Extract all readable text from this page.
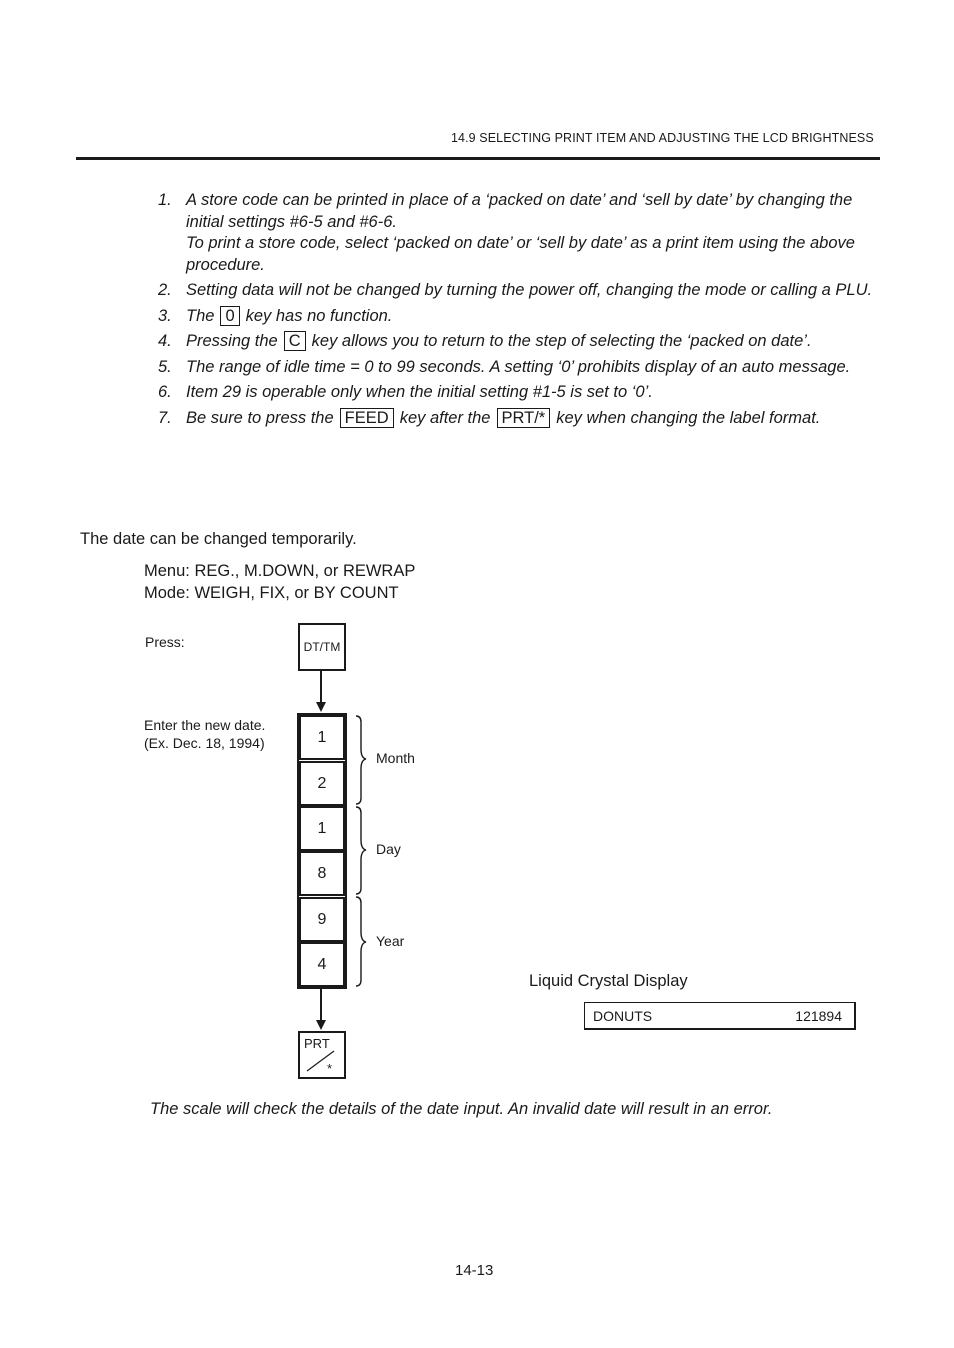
14.9 SELECTING PRINT ITEM AND ADJUSTING THE LCD BRIGHTNESS
1. A store code can be printed in place of a ‘packed on date’ and ‘sell by date’ by changing the initial settings #6-5 and #6-6.
To print a store code, select ‘packed on date’ or ‘sell by date’ as a print item using the above procedure.
2. Setting data will not be changed by turning the power off, changing the mode or calling a PLU.
3. The 0 key has no function.
4. Pressing the C key allows you to return to the step of selecting the ‘packed on date’.
5. The range of idle time = 0 to 99 seconds. A setting ‘0’ prohibits display of an auto message.
6. Item 29 is operable only when the initial setting #1-5 is set to ‘0’.
7. Be sure to press the FEED key after the PRT/* key when changing the label format.
The date can be changed temporarily.
Menu: REG., M.DOWN, or REWRAP
Mode: WEIGH, FIX, or BY COUNT
Press:
Enter the new date.
(Ex. Dec. 18, 1994)
DT/TM
1
2
1
8
9
4
Month
Day
Year
PRT
*
Liquid Crystal Display
DONUTS	121894
The scale will check the details of the date input. An invalid date will result in an error.
14-13
